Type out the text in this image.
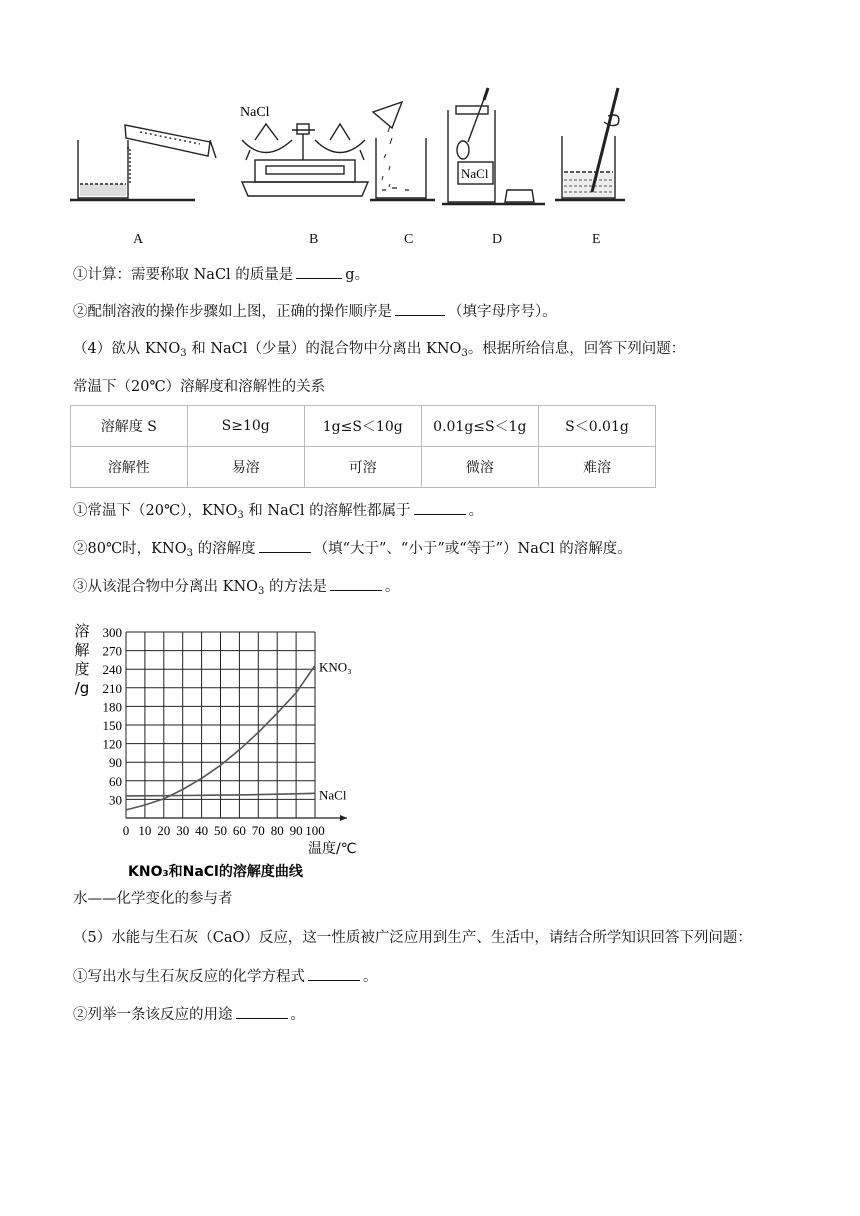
NaCl
NaCl
A	B	C	D	E
①计算：需要称取 NaCl 的质量是	g。
②配制溶液的操作步骤如上图，正确的操作顺序是	（填字母序号）。
（4）欲从 $KNO_3$ 和 NaCl（少量）的混合物中分离出 $KNO_3$。根据所给信息，回答下列问题：
常温下（20℃）溶解度和溶解性的关系
溶解度 S	S≥10g	1g≤S＜10g	0.01g≤S＜1g	S＜0.01g
溶解性	易溶	可溶	微溶	难溶
①常温下（20℃），$KNO_3$ 和 NaCl 的溶解性都属于	。
②80℃时，$KNO_3$ 的溶解度	（填“大于”、“小于”或“等于”）NaCl 的溶解度。
③从该混合物中分离出 $KNO_3$ 的方法是	。
溶
解
度
/g
30
60
90
120
150
180
210
240
270
300
0 10 20 30 40 50 60 70 80 90 100
KNO₃
NaCl
温度/℃
KNO₃和NaCl的溶解度曲线
水——化学变化的参与者
（5）水能与生石灰（CaO）反应，这一性质被广泛应用到生产、生活中，请结合所学知识回答下列问题：
①写出水与生石灰反应的化学方程式	。
②列举一条该反应的用途	。
